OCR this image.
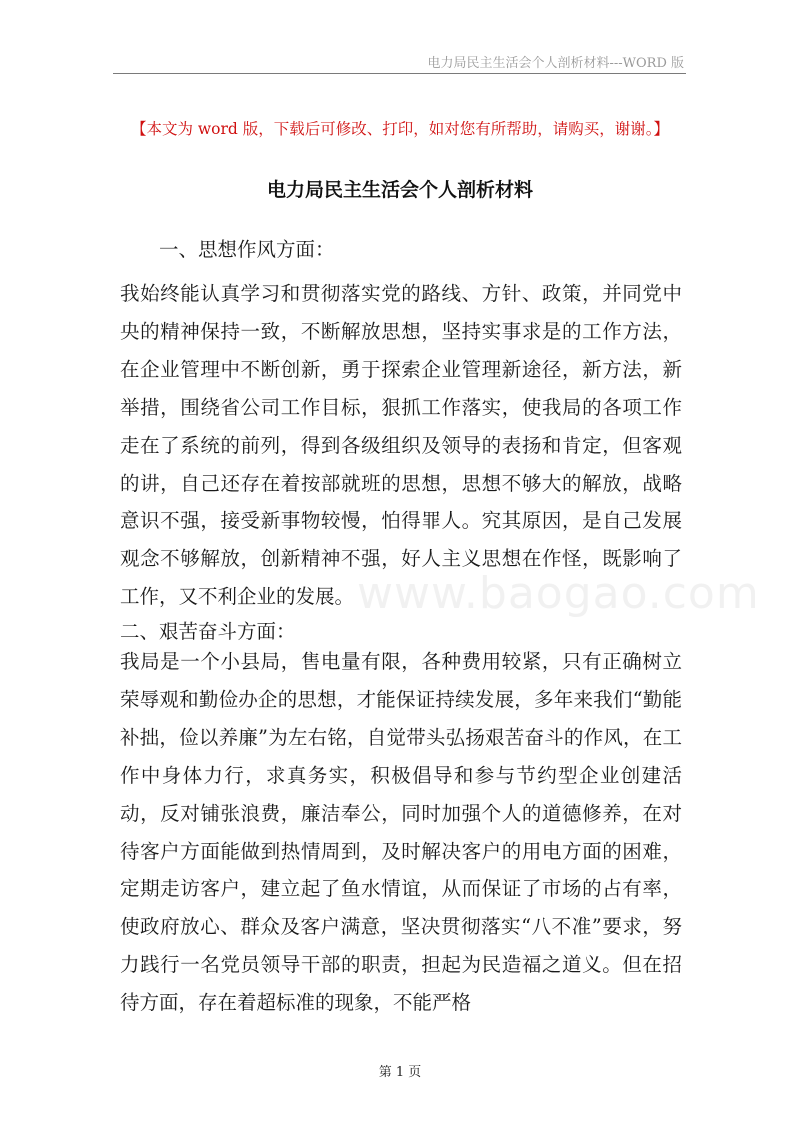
电力局民主生活会个人剖析材料---WORD 版
【本文为 word 版，下载后可修改、打印，如对您有所帮助，请购买，谢谢。】
电力局民主生活会个人剖析材料
一、思想作风方面：
我始终能认真学习和贯彻落实党的路线、方针、政策，并同党中央的精神保持一致，不断解放思想，坚持实事求是的工作方法，在企业管理中不断创新，勇于探索企业管理新途径，新方法，新举措，围绕省公司工作目标，狠抓工作落实，使我局的各项工作走在了系统的前列，得到各级组织及领导的表扬和肯定，但客观的讲，自己还存在着按部就班的思想，思想不够大的解放，战略意识不强，接受新事物较慢，怕得罪人。究其原因，是自己发展观念不够解放，创新精神不强，好人主义思想在作怪，既影响了工作，又不利企业的发展。 www.baogao.com
二、艰苦奋斗方面：
我局是一个小县局，售电量有限，各种费用较紧，只有正确树立荣辱观和勤俭办企的思想，才能保证持续发展，多年来我们“勤能补拙，俭以养廉”为左右铭，自觉带头弘扬艰苦奋斗的作风，在工作中身体力行，求真务实，积极倡导和参与节约型企业创建活动，反对铺张浪费，廉洁奉公，同时加强个人的道德修养，在对待客户方面能做到热情周到，及时解决客户的用电方面的困难，定期走访客户，建立起了鱼水情谊，从而保证了市场的占有率，使政府放心、群众及客户满意，坚决贯彻落实“八不准”要求，努力践行一名党员领导干部的职责，担起为民造福之道义。但在招待方面，存在着超标准的现象，不能严格
第 1 页
